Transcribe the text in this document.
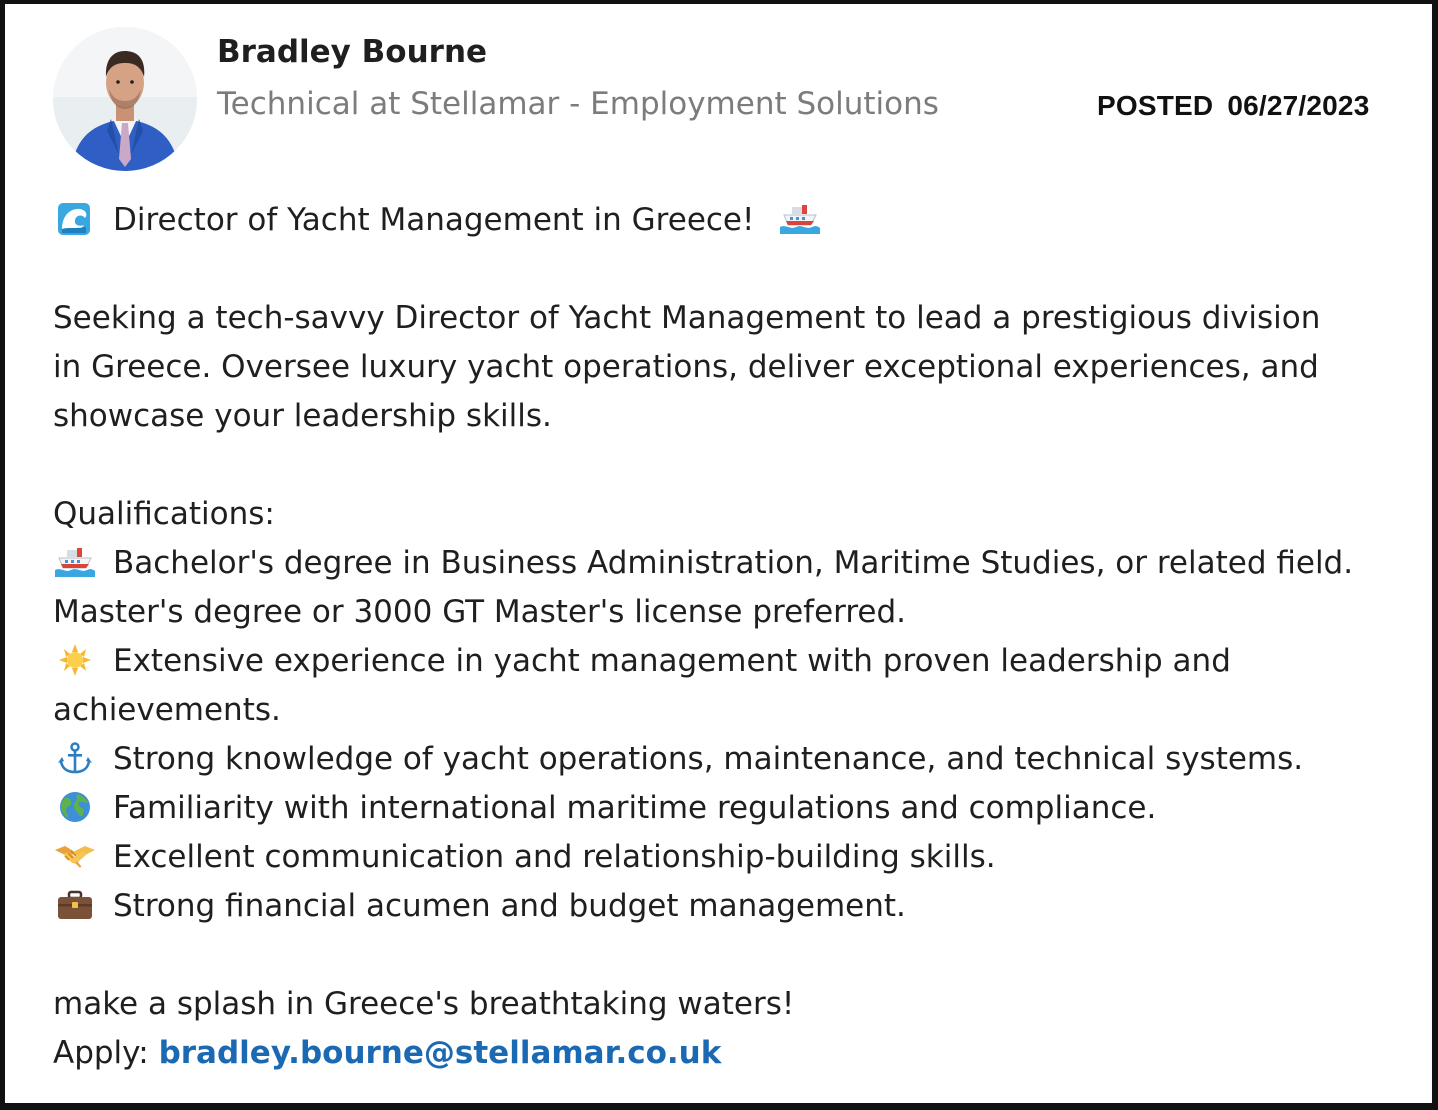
Bradley Bourne
Technical at Stellamar - Employment Solutions	POSTED 06/27/2023
Director of Yacht Management in Greece!
Seeking a tech-savvy Director of Yacht Management to lead a prestigious division
in Greece. Oversee luxury yacht operations, deliver exceptional experiences, and
showcase your leadership skills.
Qualifications:
Bachelor's degree in Business Administration, Maritime Studies, or related field.
Master's degree or 3000 GT Master's license preferred.
Extensive experience in yacht management with proven leadership and
achievements.
Strong knowledge of yacht operations, maintenance, and technical systems.
Familiarity with international maritime regulations and compliance.
Excellent communication and relationship-building skills.
Strong financial acumen and budget management.
make a splash in Greece's breathtaking waters!
Apply: bradley.bourne@stellamar.co.uk
